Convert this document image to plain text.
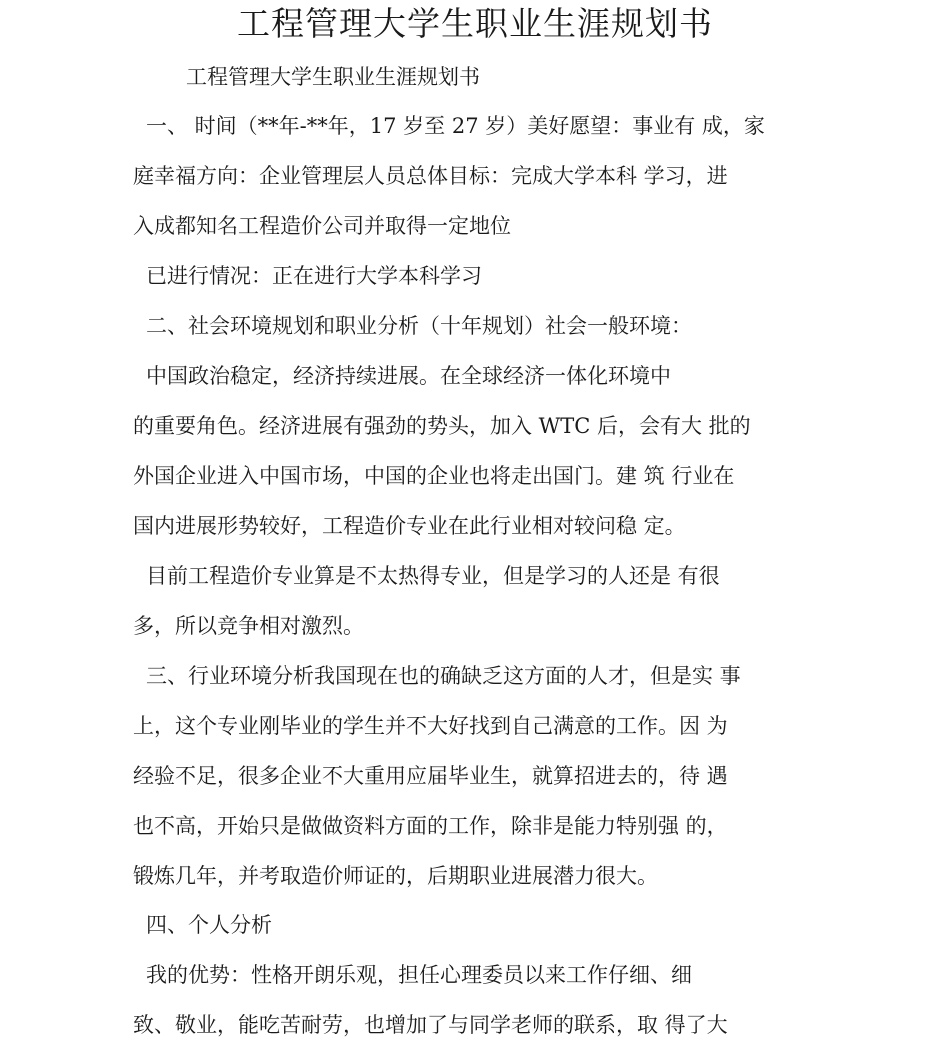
工程管理大学生职业生涯规划书

工程管理大学生职业生涯规划书

一、 时间（**年-**年，17 岁至 27 岁）美好愿望：事业有 成，家

庭幸福方向：企业管理层人员总体目标：完成大学本科 学习，进

入成都知名工程造价公司并取得一定地位

已进行情况：正在进行大学本科学习

二、社会环境规划和职业分析（十年规划）社会一般环境：

中国政治稳定，经济持续进展。在全球经济一体化环境中

的重要角色。经济进展有强劲的势头，加入 WTC 后，会有大 批的

外国企业进入中国市场，中国的企业也将走出国门。建 筑 行业在

国内进展形势较好，工程造价专业在此行业相对较问稳 定。

目前工程造价专业算是不太热得专业，但是学习的人还是 有很

多，所以竞争相对激烈。

三、行业环境分析我国现在也的确缺乏这方面的人才，但是实 事

上，这个专业刚毕业的学生并不大好找到自己满意的工作。因 为

经验不足，很多企业不大重用应届毕业生，就算招进去的，待 遇

也不高，开始只是做做资料方面的工作，除非是能力特别强 的，

锻炼几年，并考取造价师证的，后期职业进展潜力很大。

四、个人分析

我的优势：性格开朗乐观，担任心理委员以来工作仔细、细

致、敬业，能吃苦耐劳，也增加了与同学老师的联系，取 得了大
